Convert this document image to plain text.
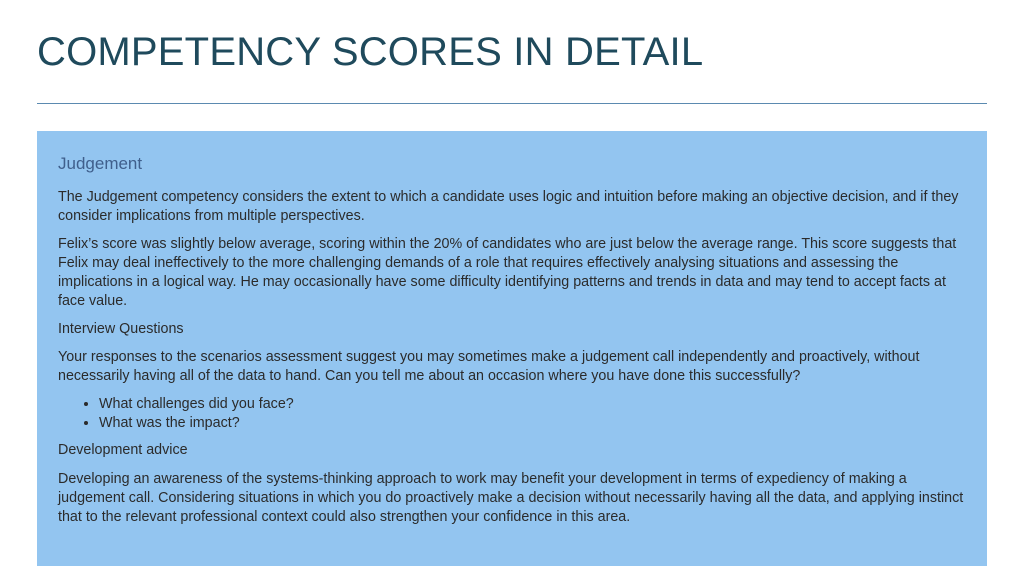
COMPETENCY SCORES IN DETAIL
Judgement

The Judgement competency considers the extent to which a candidate uses logic and intuition before making an objective decision, and if they consider implications from multiple perspectives.

Felix’s score was slightly below average, scoring within the 20% of candidates who are just below the average range. This score suggests that Felix may deal ineffectively to the more challenging demands of a role that requires effectively analysing situations and assessing the implications in a logical way. He may occasionally have some difficulty identifying patterns and trends in data and may tend to accept facts at face value.

Interview Questions

Your responses to the scenarios assessment suggest you may sometimes make a judgement call independently and proactively, without necessarily having all of the data to hand. Can you tell me about an occasion where you have done this successfully?

• What challenges did you face?
• What was the impact?

Development advice

Developing an awareness of the systems-thinking approach to work may benefit your development in terms of expediency of making a judgement call. Considering situations in which you do proactively make a decision without necessarily having all the data, and applying instinct that to the relevant professional context could also strengthen your confidence in this area.
